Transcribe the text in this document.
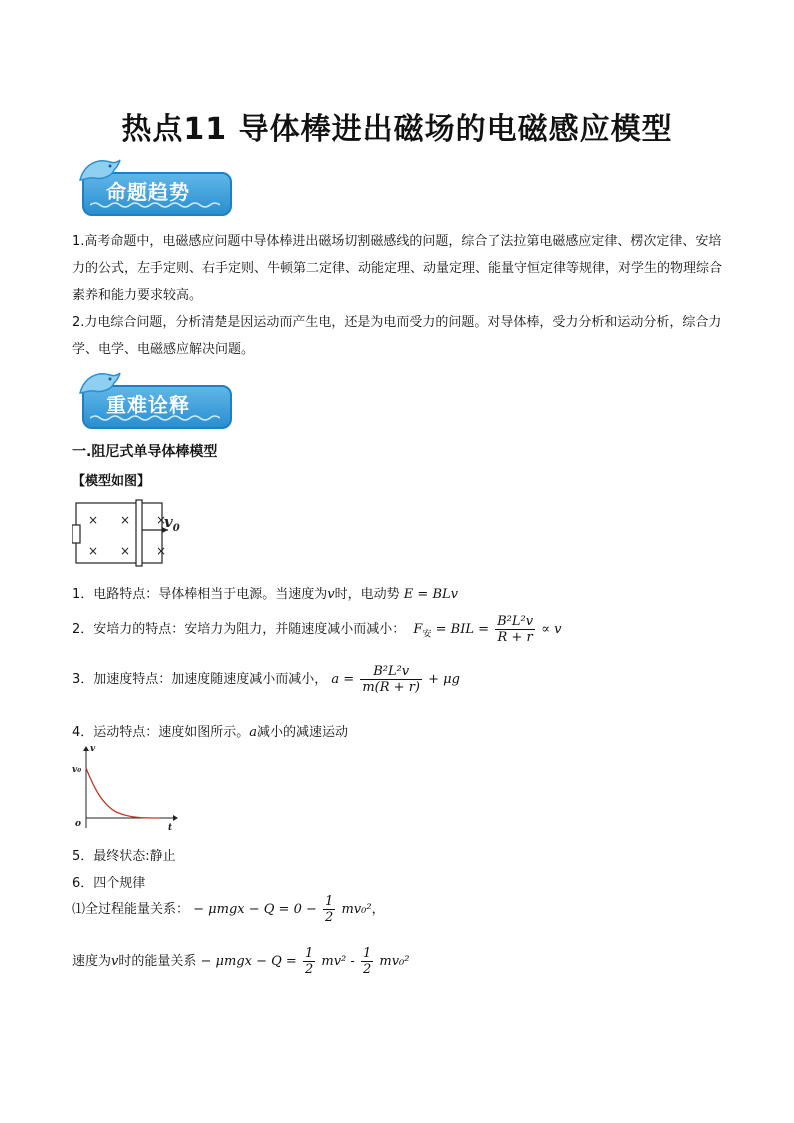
热点11 导体棒进出磁场的电磁感应模型
命题趋势
1.高考命题中，电磁感应问题中导体棒进出磁场切割磁感线的问题，综合了法拉第电磁感应定律、楞次定律、安培力的公式，左手定则、右手定则、牛顿第二定律、动能定理、动量定理、能量守恒定律等规律，对学生的物理综合素养和能力要求较高。
2.力电综合问题，分析清楚是因运动而产生电，还是为电而受力的问题。对导体棒，受力分析和运动分析，综合力学、电学、电磁感应解决问题。
重难诠释
一.阻尼式单导体棒模型
【模型如图】
× × ×
× × ×
$v_0$
1．电路特点：导体棒相当于电源。当速度为v时，电动势 E = BLv
2．安培力的特点：安培力为阻力，并随速度减小而减小： $F_安$ = BIL = $\frac{\text{B²L²v}}{R + r} \propto v$
3．加速度特点：加速度随速度减小而减小， $a = \frac{\text{B²L²v}}{m(R + r)} + \mu g$
4．运动特点：速度如图所示。a减小的减速运动
v
v₀
o	t
5．最终状态:静止
6．四个规律
⑴全过程能量关系： − $\mu mgx - Q = 0 - \frac{1}{2} mv_0^2$，
速度为v时的能量关系 − $\mu mgx - Q = \frac{1}{2} mv^2 - \frac{1}{2} mv_0^2$
